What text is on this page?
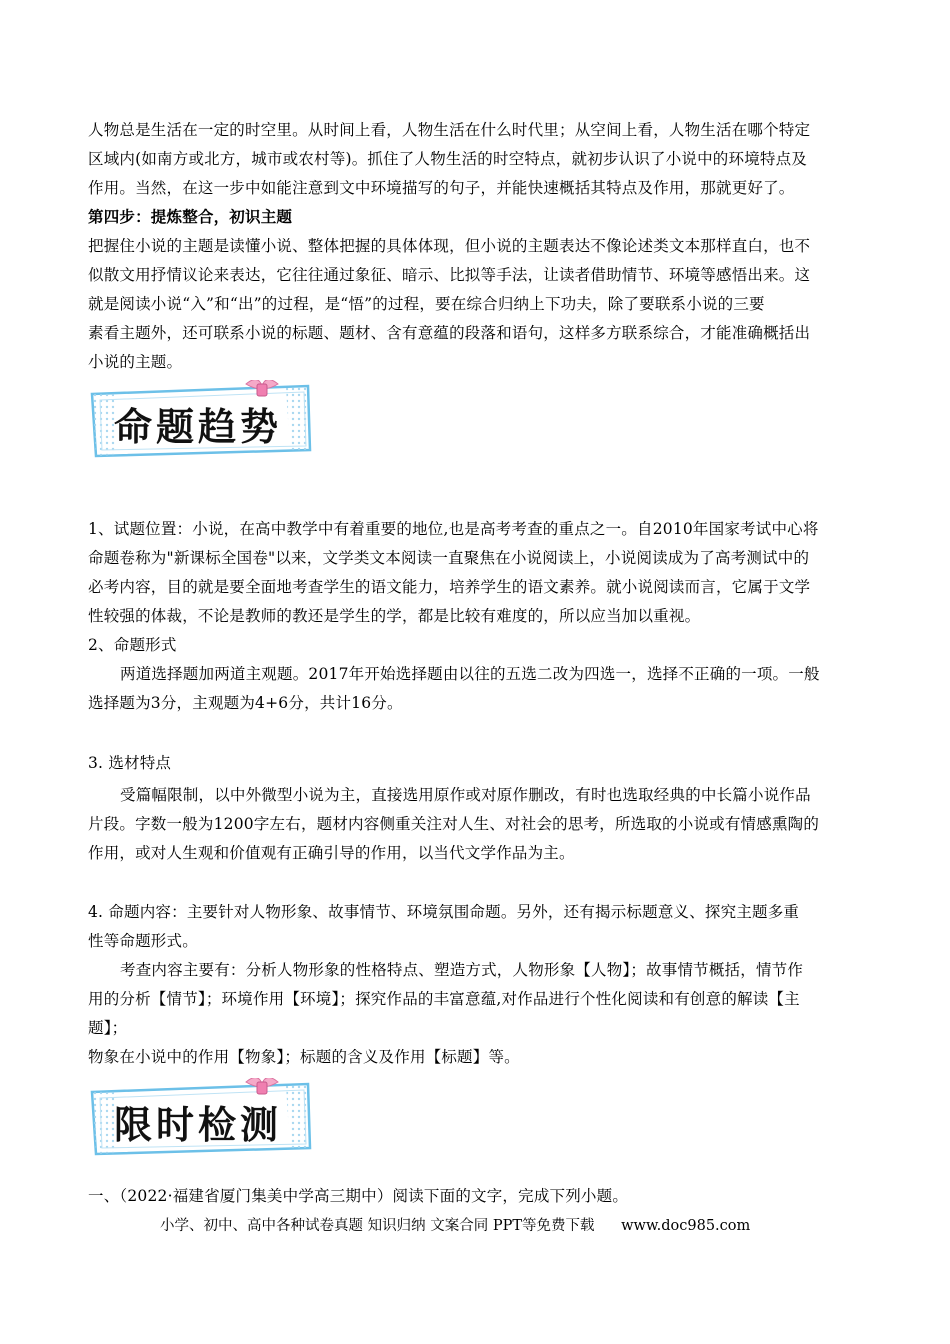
人物总是生活在一定的时空里。从时间上看，人物生活在什么时代里；从空间上看，人物生活在哪个特定
区域内(如南方或北方，城市或农村等)。抓住了人物生活的时空特点，就初步认识了小说中的环境特点及
作用。当然，在这一步中如能注意到文中环境描写的句子，并能快速概括其特点及作用，那就更好了。
第四步：提炼整合，初识主题
把握住小说的主题是读懂小说、整体把握的具体体现，但小说的主题表达不像论述类文本那样直白，也不
似散文用抒情议论来表达，它往往通过象征、暗示、比拟等手法，让读者借助情节、环境等感悟出来。这
就是阅读小说“入”和“出”的过程，是“悟”的过程，要在综合归纳上下功夫，除了要联系小说的三要
素看主题外，还可联系小说的标题、题材、含有意蕴的段落和语句，这样多方联系综合，才能准确概括出
小说的主题。
命题趋势
1、试题位置：小说，在高中教学中有着重要的地位,也是高考考查的重点之一。自2010年国家考试中心将
命题卷称为"新课标全国卷"以来，文学类文本阅读一直聚焦在小说阅读上，小说阅读成为了高考测试中的
必考内容，目的就是要全面地考查学生的语文能力，培养学生的语文素养。就小说阅读而言，它属于文学
性较强的体裁，不论是教师的教还是学生的学，都是比较有难度的，所以应当加以重视。
2、命题形式
两道选择题加两道主观题。2017年开始选择题由以往的五选二改为四选一，选择不正确的一项。一般
选择题为3分，主观题为4+6分，共计16分。
3. 选材特点
受篇幅限制，以中外微型小说为主，直接选用原作或对原作删改，有时也选取经典的中长篇小说作品
片段。字数一般为1200字左右，题材内容侧重关注对人生、对社会的思考，所选取的小说或有情感熏陶的
作用，或对人生观和价值观有正确引导的作用，以当代文学作品为主。
4. 命题内容：主要针对人物形象、故事情节、环境氛围命题。另外，还有揭示标题意义、探究主题多重
性等命题形式。
考查内容主要有：分析人物形象的性格特点、塑造方式，人物形象【人物】；故事情节概括，情节作
用的分析【情节】；环境作用【环境】；探究作品的丰富意蕴,对作品进行个性化阅读和有创意的解读【主
题】；
物象在小说中的作用【物象】；标题的含义及作用【标题】等。
限时检测
一、（2022·福建省厦门集美中学高三期中）阅读下面的文字，完成下列小题。
小学、初中、高中各种试卷真题 知识归纳 文案合同 PPT等免费下载 www.doc985.com
